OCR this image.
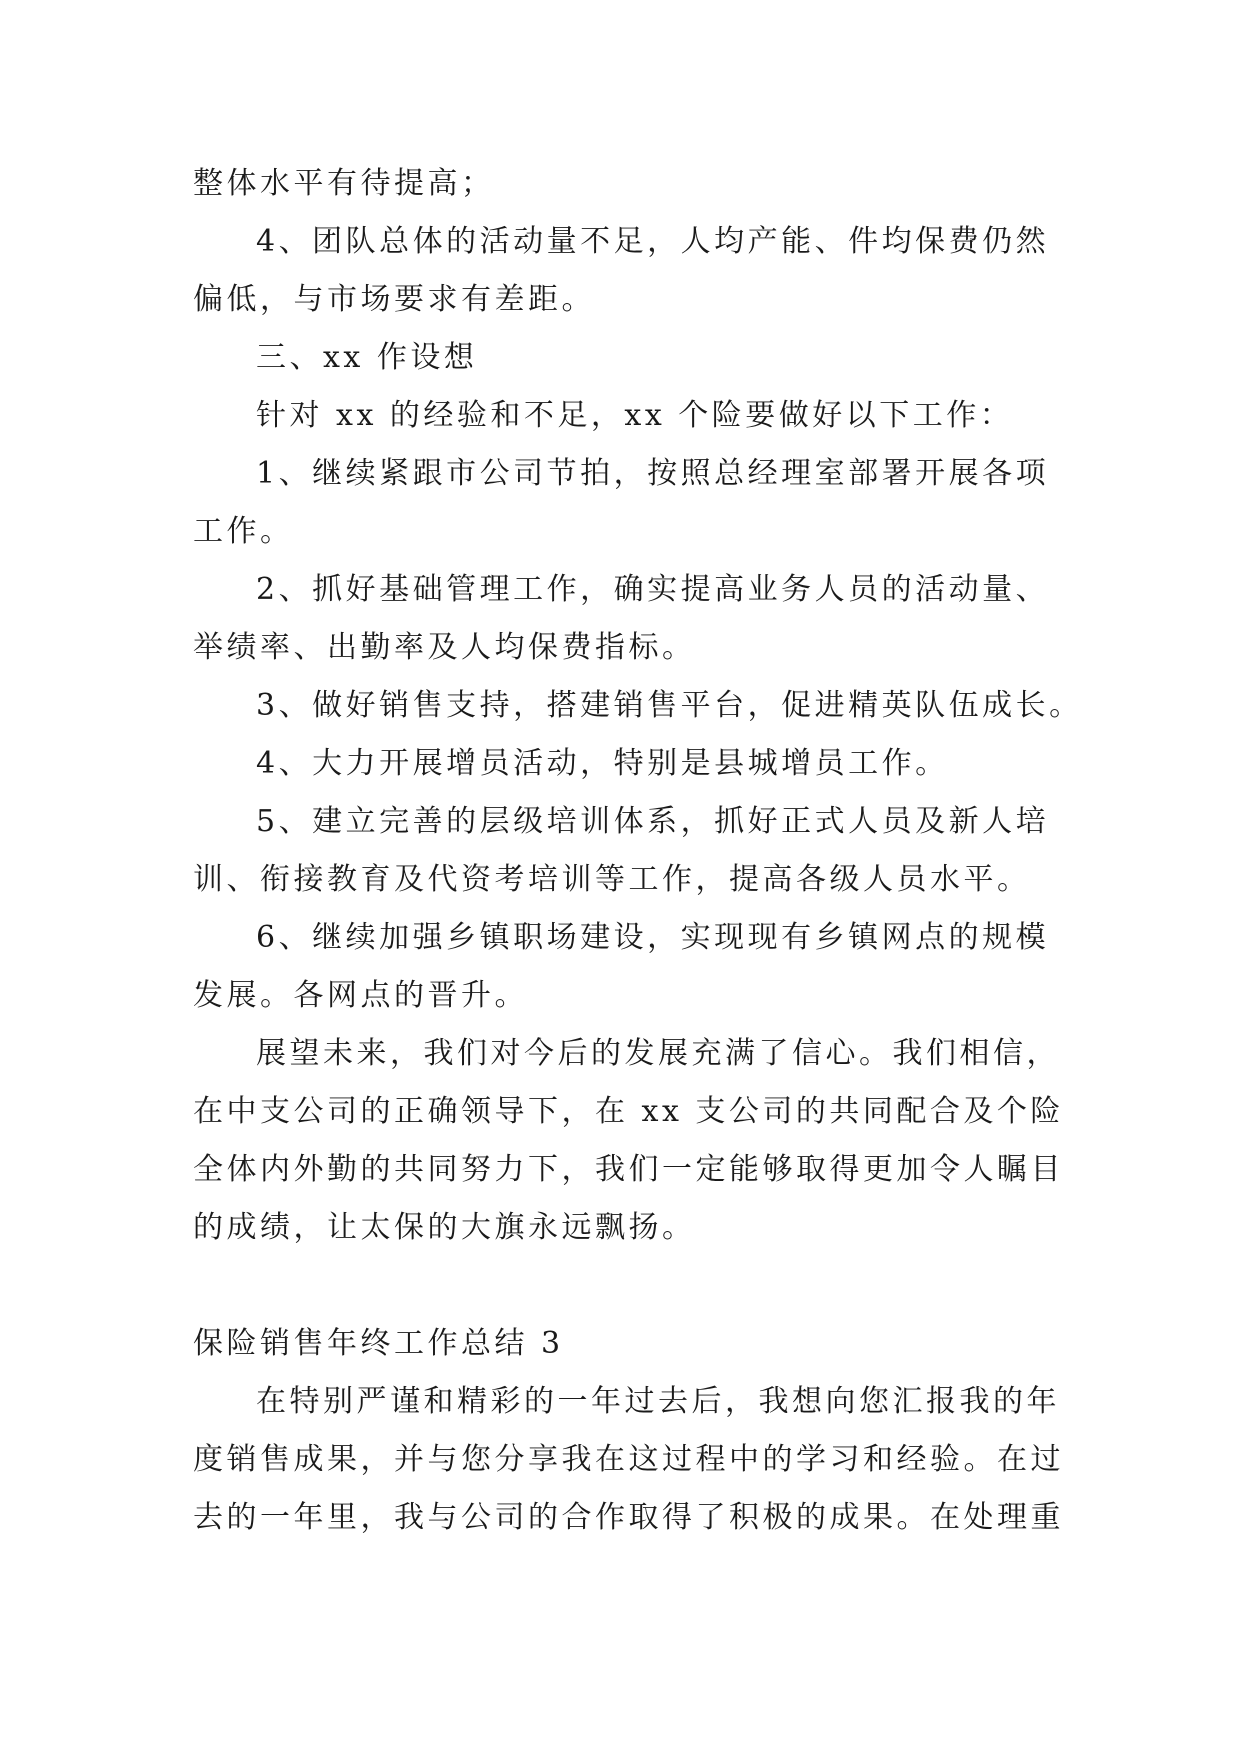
整体水平有待提高；
4、团队总体的活动量不足，人均产能、件均保费仍然
偏低，与市场要求有差距。
三、xx 作设想
针对 xx 的经验和不足，xx 个险要做好以下工作：
1、继续紧跟市公司节拍，按照总经理室部署开展各项
工作。
2、抓好基础管理工作，确实提高业务人员的活动量、
举绩率、出勤率及人均保费指标。
3、做好销售支持，搭建销售平台，促进精英队伍成长。
4、大力开展增员活动，特别是县城增员工作。
5、建立完善的层级培训体系，抓好正式人员及新人培
训、衔接教育及代资考培训等工作，提高各级人员水平。
6、继续加强乡镇职场建设，实现现有乡镇网点的规模
发展。各网点的晋升。
展望未来，我们对今后的发展充满了信心。我们相信，
在中支公司的正确领导下，在 xx 支公司的共同配合及个险
全体内外勤的共同努力下，我们一定能够取得更加令人瞩目
的成绩，让太保的大旗永远飘扬。
保险销售年终工作总结 3
在特别严谨和精彩的一年过去后，我想向您汇报我的年
度销售成果，并与您分享我在这过程中的学习和经验。在过
去的一年里，我与公司的合作取得了积极的成果。在处理重
